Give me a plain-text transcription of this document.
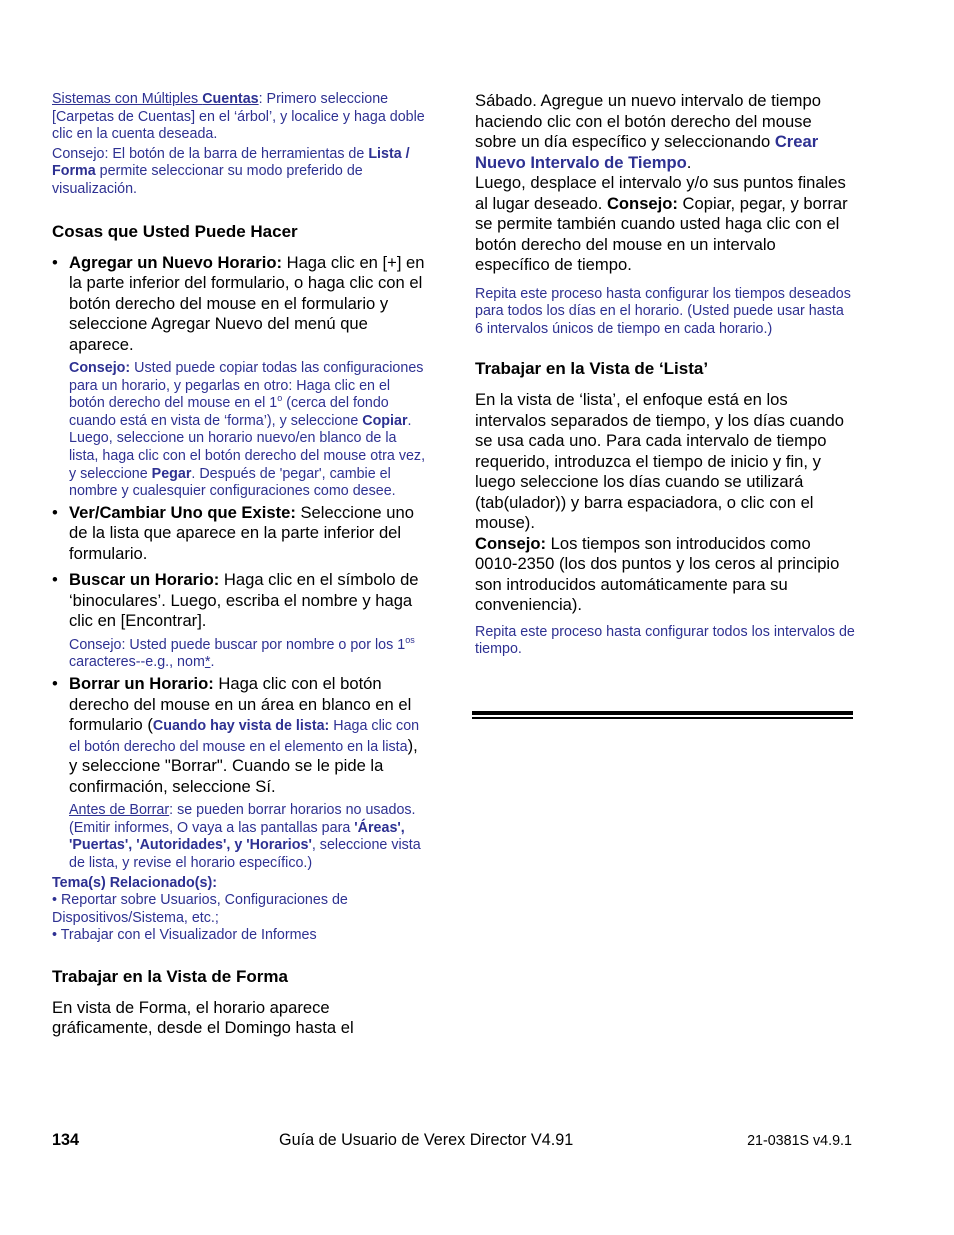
Sistemas con Múltiples Cuentas: Primero seleccione [Carpetas de Cuentas] en el ‘árbol’, y localice y haga doble clic en la cuenta deseada.
Consejo: El botón de la barra de herramientas de Lista / Forma permite seleccionar su modo preferido de visualización.
Cosas que Usted Puede Hacer
• Agregar un Nuevo Horario: Haga clic en [+] en la parte inferior del formulario, o haga clic con el botón derecho del mouse en el formulario y seleccione Agregar Nuevo del menú que aparece.
Consejo: Usted puede copiar todas las configuraciones para un horario, y pegarlas en otro: Haga clic en el botón derecho del mouse en el 1$^o$ (cerca del fondo cuando está en vista de ‘forma’), y seleccione Copiar.
Luego, seleccione un horario nuevo/en blanco de la lista, haga clic con el botón derecho del mouse otra vez, y seleccione Pegar. Después de 'pegar', cambie el nombre y cualesquier configuraciones como desee.
• Ver/Cambiar Uno que Existe: Seleccione uno de la lista que aparece en la parte inferior del formulario.
• Buscar un Horario: Haga clic en el símbolo de ‘binoculares’. Luego, escriba el nombre y haga clic en [Encontrar].
Consejo: Usted puede buscar por nombre o por los $1^{os}$ caracteres--e.g., nom*.
• Borrar un Horario: Haga clic con el botón derecho del mouse en un área en blanco en el formulario (Cuando hay vista de lista: Haga clic con el botón derecho del mouse en el elemento en la lista), y seleccione "Borrar". Cuando se le pide la confirmación, seleccione Sí.
Antes de Borrar: se pueden borrar horarios no usados. (Emitir informes, O vaya a las pantallas para 'Áreas', 'Puertas', 'Autoridades', y 'Horarios', seleccione vista de lista, y revise el horario específico.)
Tema(s) Relacionado(s):
• Reportar sobre Usuarios, Configuraciones de Dispositivos/Sistema, etc.;
• Trabajar con el Visualizador de Informes
Trabajar en la Vista de Forma
En vista de Forma, el horario aparece gráficamente, desde el Domingo hasta el
Sábado. Agregue un nuevo intervalo de tiempo haciendo clic con el botón derecho del mouse sobre un día específico y seleccionando Crear Nuevo Intervalo de Tiempo.
Luego, desplace el intervalo y/o sus puntos finales al lugar deseado. Consejo: Copiar, pegar, y borrar se permite también cuando usted haga clic con el botón derecho del mouse en un intervalo específico de tiempo.
Repita este proceso hasta configurar los tiempos deseados para todos los días en el horario. (Usted puede usar hasta 6 intervalos únicos de tiempo en cada horario.)
Trabajar en la Vista de ‘Lista’
En la vista de ‘lista’, el enfoque está en los intervalos separados de tiempo, y los días cuando se usa cada uno. Para cada intervalo de tiempo requerido, introduzca el tiempo de inicio y fin, y luego seleccione los días cuando se utilizará (tab(ulador)) y barra espaciadora, o clic con el mouse).
Consejo: Los tiempos son introducidos como 0010-2350 (los dos puntos y los ceros al principio son introducidos automáticamente para su conveniencia).
Repita este proceso hasta configurar todos los intervalos de tiempo.
134	Guía de Usuario de Verex Director V4.91	21-0381S v4.9.1
